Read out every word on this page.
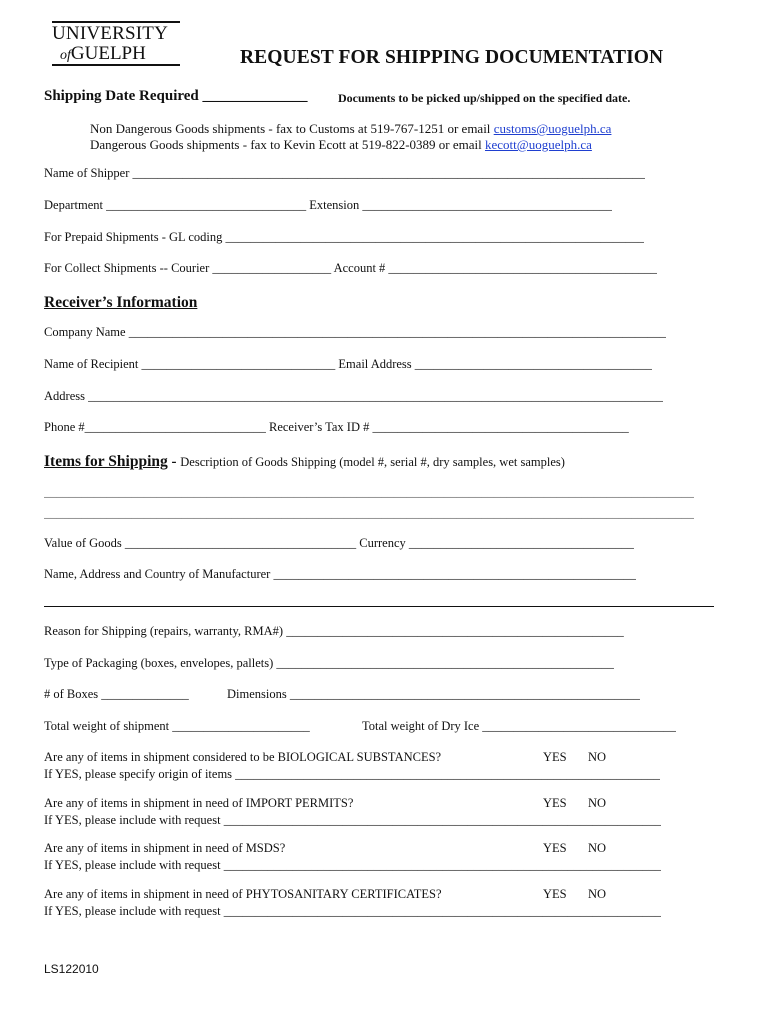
UNIVERSITY
ofGUELPH	REQUEST FOR SHIPPING DOCUMENTATION
Shipping Date Required ______________	Documents to be picked up/shipped on the specified date.
Non Dangerous Goods shipments - fax to Customs at 519-767-1251 or email customs@uoguelph.ca
Dangerous Goods shipments - fax to Kevin Ecott at 519-822-0389 or email kecott@uoguelph.ca
Name of Shipper __________________________________________________________________________________
Department ________________________________ Extension ________________________________________
For Prepaid Shipments - GL coding ___________________________________________________________________
For Collect Shipments -- Courier ___________________ Account # ___________________________________________
Receiver’s Information
Company Name ______________________________________________________________________________________
Name of Recipient _______________________________ Email Address ______________________________________
Address ____________________________________________________________________________________________
Phone #_____________________________ Receiver’s Tax ID # _________________________________________
Items for Shipping - Description of Goods Shipping (model #, serial #, dry samples, wet samples)
________________________________________________________________________________________________________
________________________________________________________________________________________________________
Value of Goods _____________________________________ Currency ____________________________________
Name, Address and Country of Manufacturer __________________________________________________________
Reason for Shipping (repairs, warranty, RMA#) ______________________________________________________
Type of Packaging (boxes, envelopes, pallets) ______________________________________________________
# of Boxes ______________	Dimensions ________________________________________________________
Total weight of shipment ______________________	Total weight of Dry Ice _______________________________
Are any of items in shipment considered to be BIOLOGICAL SUBSTANCES?	YES NO
If YES, please specify origin of items ____________________________________________________________________
Are any of items in shipment in need of IMPORT PERMITS?	YES NO
If YES, please include with request ______________________________________________________________________
Are any of items in shipment in need of MSDS?	YES NO
If YES, please include with request ______________________________________________________________________
Are any of items in shipment in need of PHYTOSANITARY CERTIFICATES?	YES NO
If YES, please include with request ______________________________________________________________________
LS122010
